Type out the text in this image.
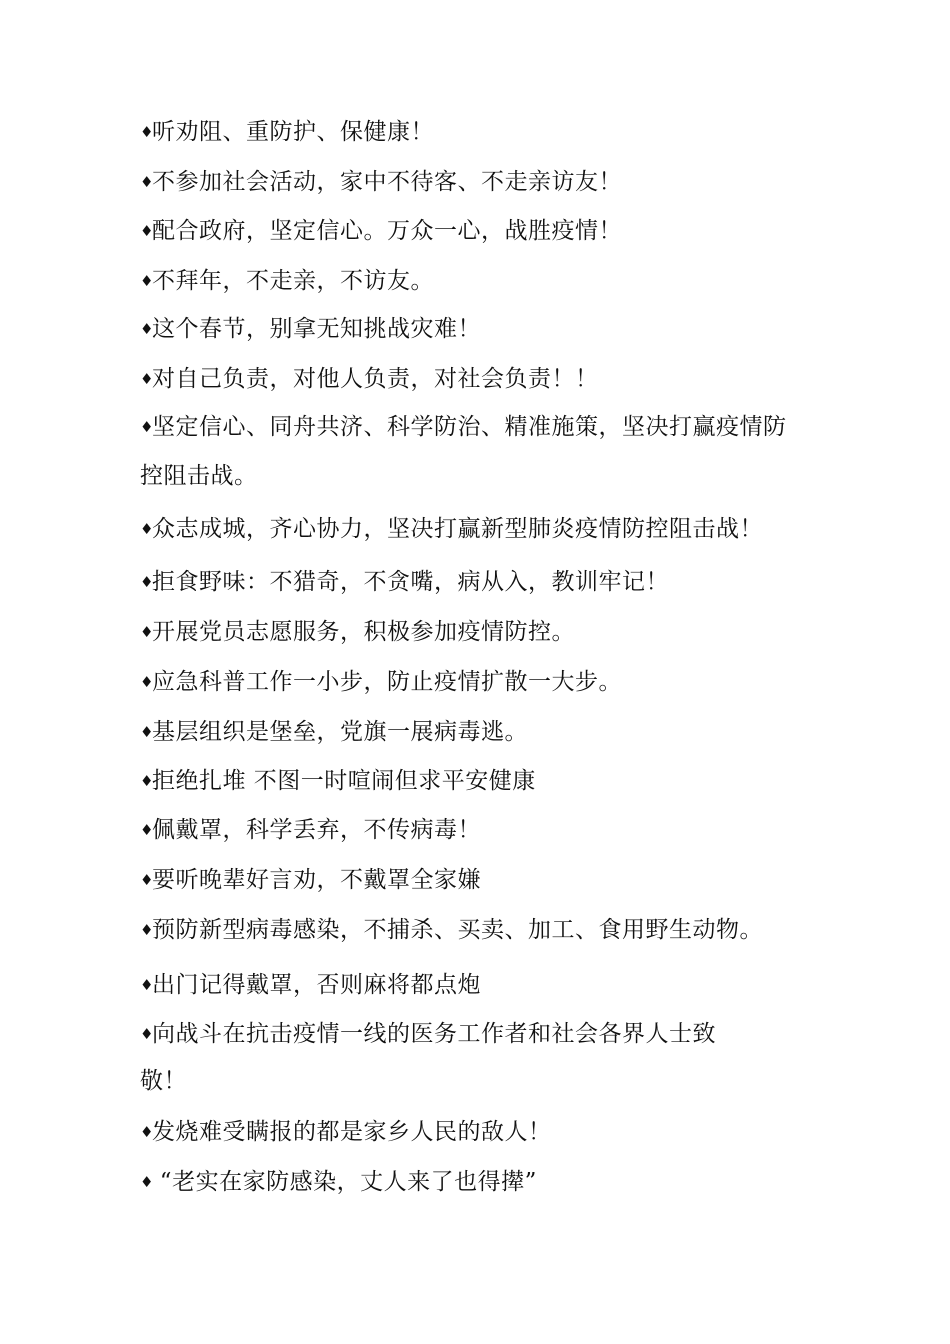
♦听劝阻、重防护、保健康！
♦不参加社会活动，家中不待客、不走亲访友！
♦配合政府，坚定信心。万众一心，战胜疫情！
♦不拜年，不走亲，不访友。
♦这个春节，别拿无知挑战灾难！
♦对自己负责，对他人负责，对社会负责！！
♦坚定信心、同舟共济、科学防治、精准施策，坚决打赢疫情防
控阻击战。
♦众志成城，齐心协力，坚决打赢新型肺炎疫情防控阻击战！
♦拒食野味：不猎奇，不贪嘴，病从入，教训牢记！
♦开展党员志愿服务，积极参加疫情防控。
♦应急科普工作一小步，防止疫情扩散一大步。
♦基层组织是堡垒，党旗一展病毒逃。
♦拒绝扎堆 不图一时喧闹但求平安健康
♦佩戴罩，科学丢弃，不传病毒！
♦要听晚辈好言劝，不戴罩全家嫌
♦预防新型病毒感染，不捕杀、买卖、加工、食用野生动物。
♦出门记得戴罩，否则麻将都点炮
♦向战斗在抗击疫情一线的医务工作者和社会各界人士致
敬！
♦发烧难受瞒报的都是家乡人民的敌人！
♦ “老实在家防感染，丈人来了也得撵”
